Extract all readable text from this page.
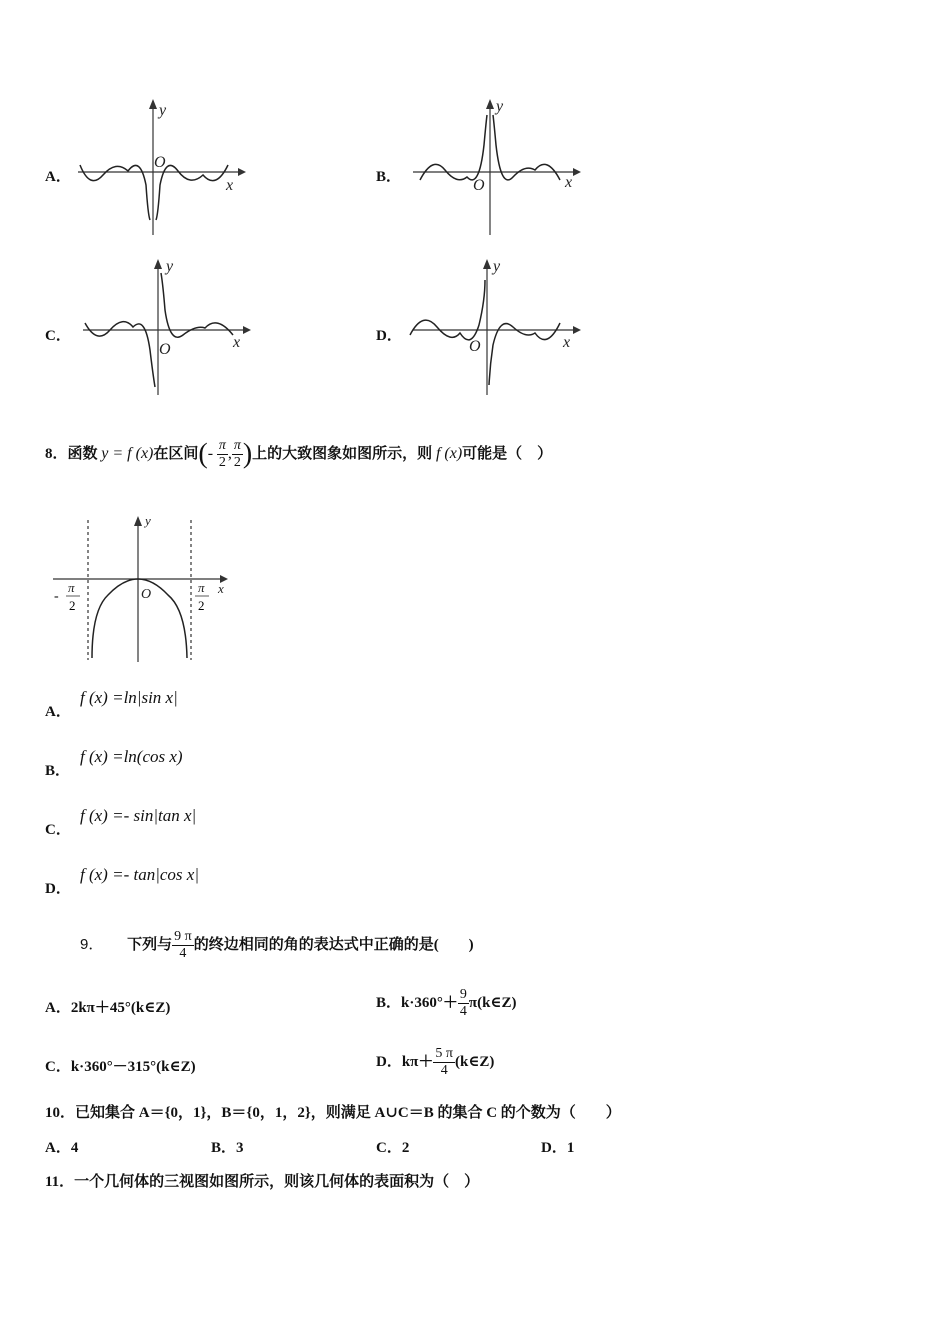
A．
y
x
O
B．
y
x
O
C．
y
x
O
D．
y
x
O
8．函数 y = f (x)在区间(- $\frac{\pi}{2}$ , $\frac{\pi}{2}$ )上的大致图象如图所示，则 f (x)可能是（　）
y
x
O
-
π
2
π
2
A．
f (x) =ln|sin x|
B．
f (x) =ln(cos x)
C．
f (x) =- sin|tan x|
D．
f (x) =- tan|cos x|
9． 下列与 $\frac{9 \pi}{4}$ 的终边相同的角的表达式中正确的是(　　)
A．2kπ＋45°(k∈Z)	B．$k\cdot 360^\circ+ \frac{9}{4}$ π(k∈Z)
C．k·360°－315°(k∈Z)	D．$k\pi+ \frac{5 \pi}{4}$ (k∈Z)
10．已知集合 A＝{0，1}，B＝{0，1，2}，则满足 A∪C＝B 的集合 C 的个数为（　　）
A．4	B．3	C．2	D．1
11．一个几何体的三视图如图所示，则该几何体的表面积为（　）
